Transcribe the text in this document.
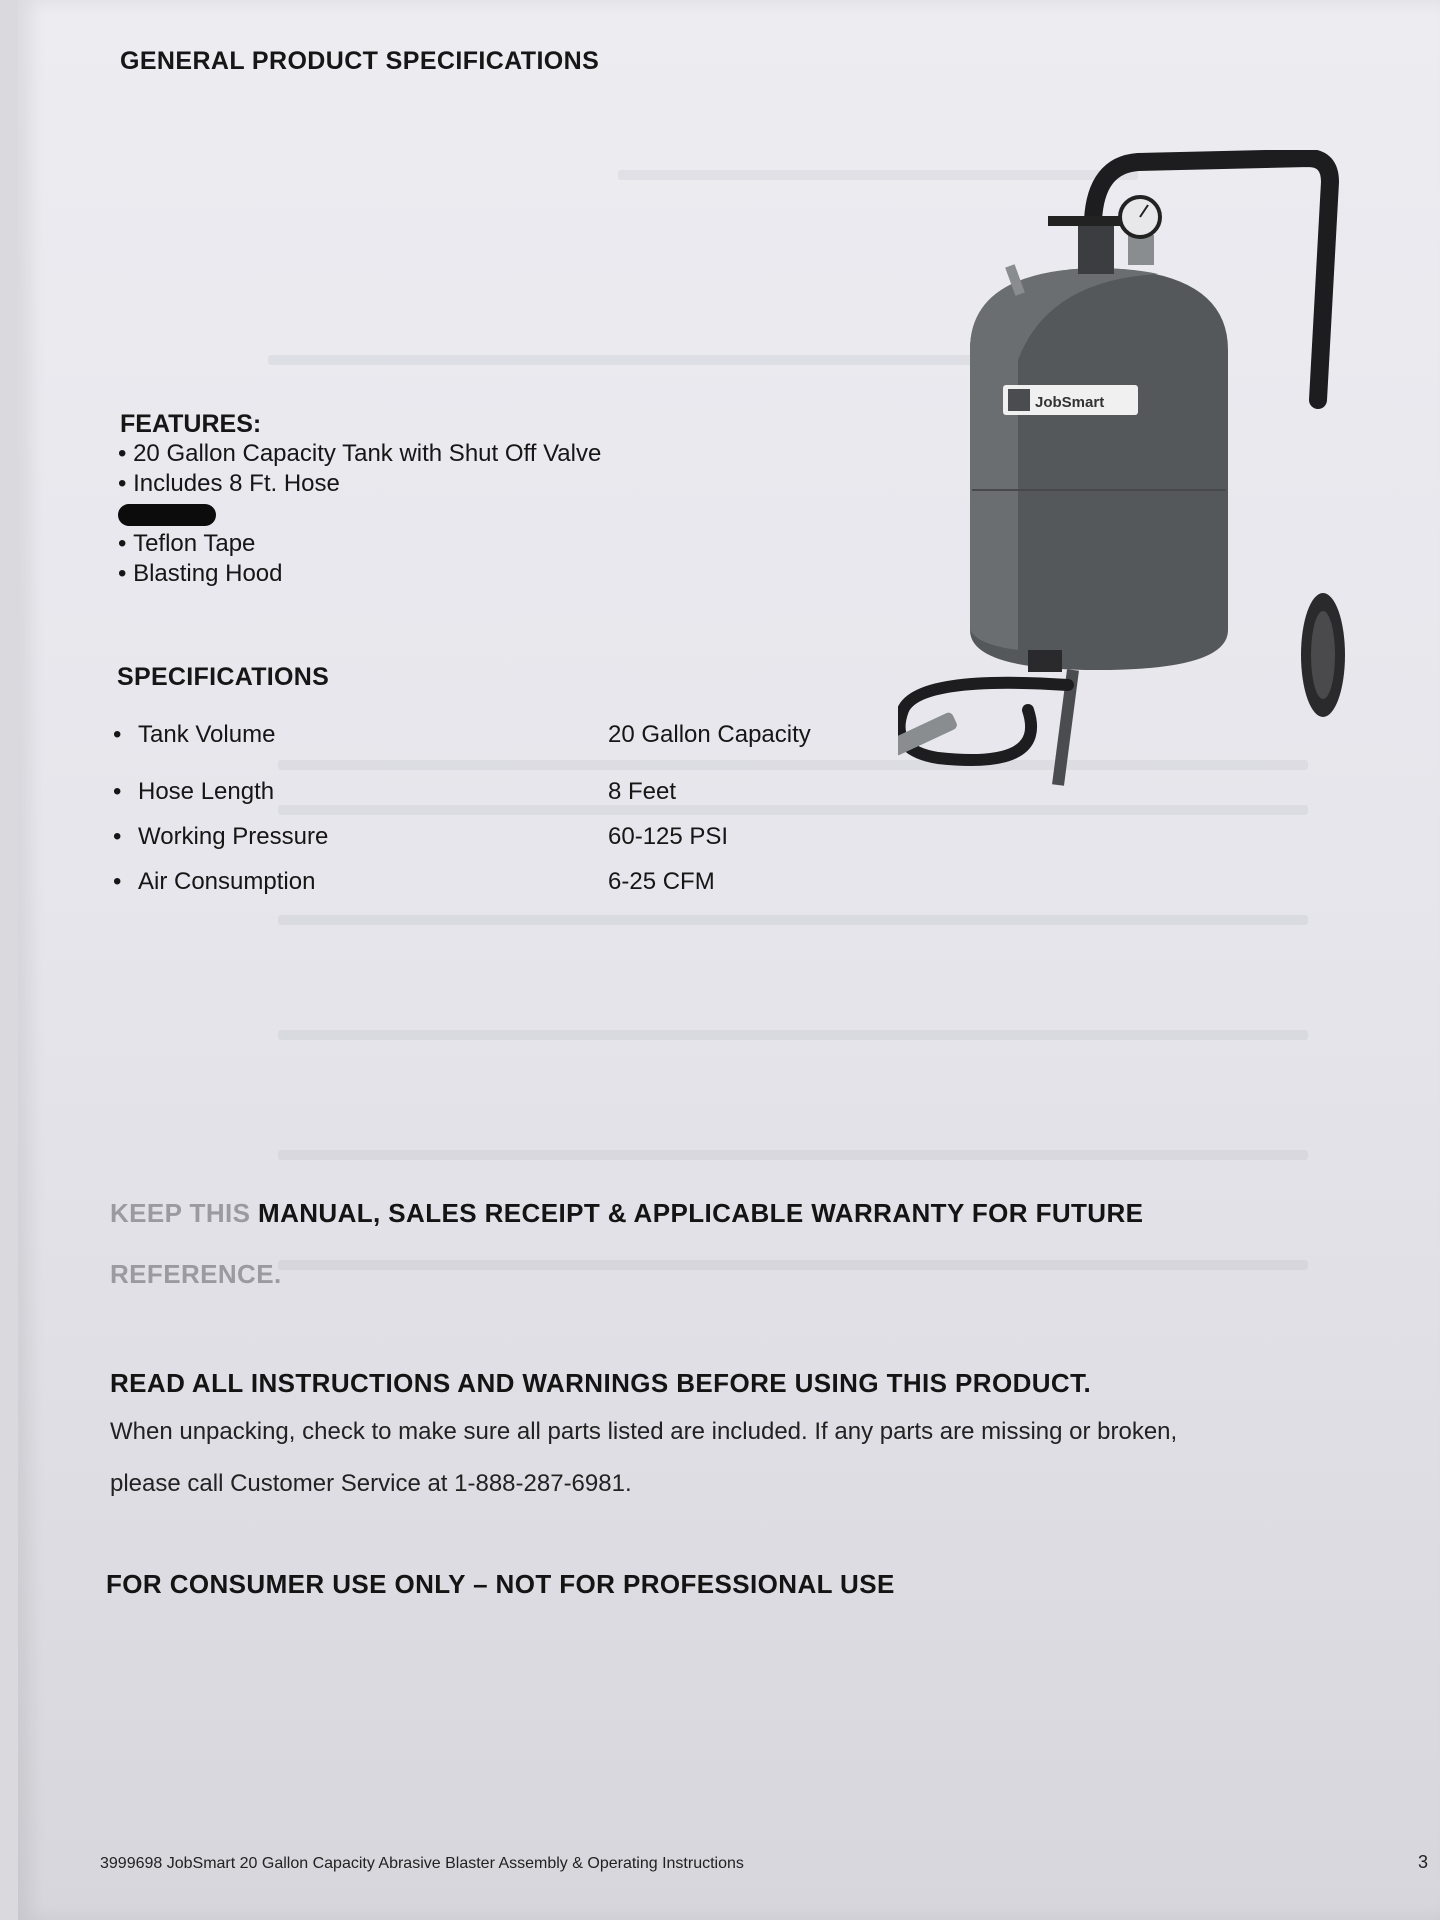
GENERAL PRODUCT SPECIFICATIONS
FEATURES:
• 20 Gallon Capacity Tank with Shut Off Valve
• Includes 8 Ft. Hose
• Teflon Tape
• Blasting Hood
SPECIFICATIONS
• Tank Volume	20 Gallon Capacity
• Hose Length	8 Feet
• Working Pressure	60-125 PSI
• Air Consumption	6-25 CFM
JobSmart
KEEP THIS MANUAL, SALES RECEIPT & APPLICABLE WARRANTY FOR FUTURE
REFERENCE.
READ ALL INSTRUCTIONS AND WARNINGS BEFORE USING THIS PRODUCT.
When unpacking, check to make sure all parts listed are included. If any parts are missing or broken,
please call Customer Service at 1-888-287-6981.
FOR CONSUMER USE ONLY – NOT FOR PROFESSIONAL USE
3999698 JobSmart 20 Gallon Capacity Abrasive Blaster Assembly & Operating Instructions	3
